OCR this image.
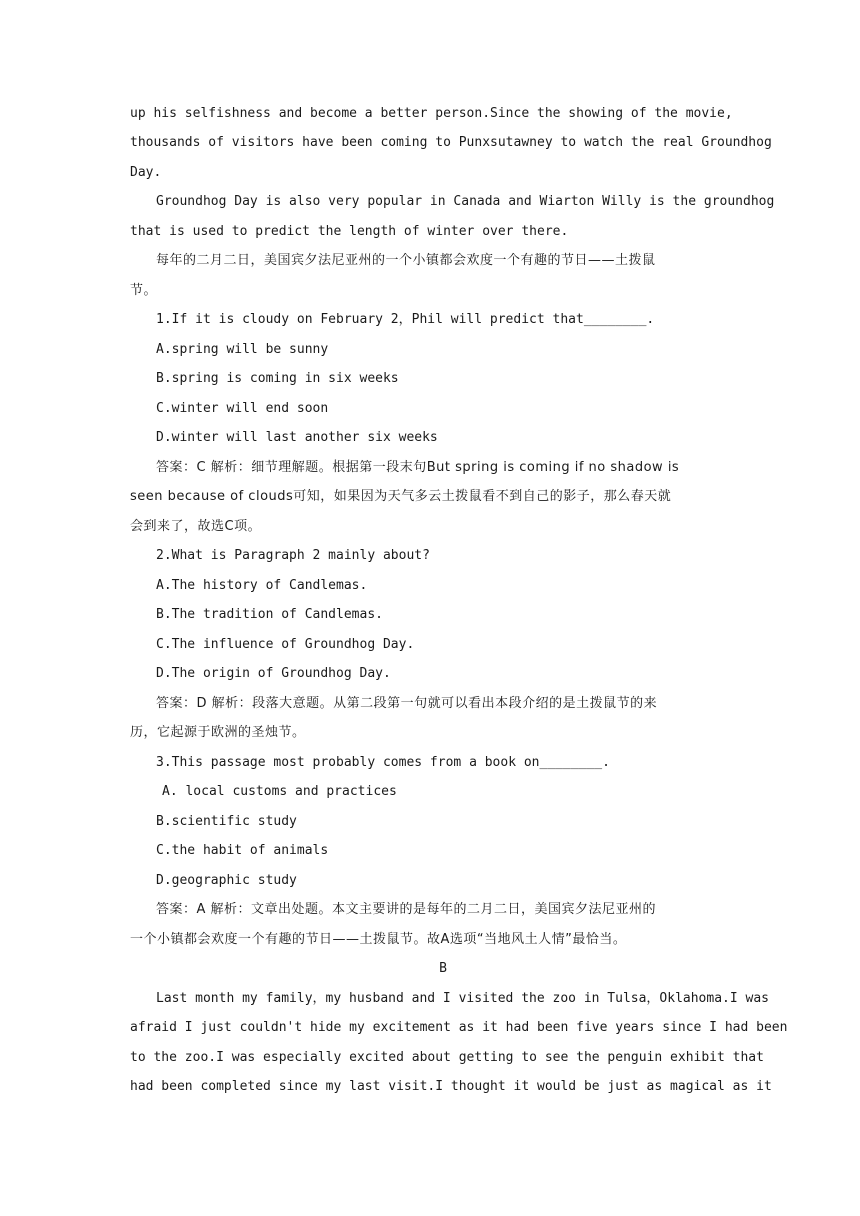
up his selfishness and become a better person.Since the showing of the movie,
thousands of visitors have been coming to Punxsutawney to watch the real Groundhog
Day.
Groundhog Day is also very popular in Canada and Wiarton Willy is the groundhog
that is used to predict the length of winter over there.
每年的二月二日，美国宾夕法尼亚州的一个小镇都会欢度一个有趣的节日——土拨鼠
节。
1.If it is cloudy on February 2，Phil will predict that________.
A.spring will be sunny
B.spring is coming in six weeks
C.winter will end soon
D.winter will last another six weeks
答案：C 解析：细节理解题。根据第一段末句But spring is coming if no shadow is
seen because of clouds可知，如果因为天气多云土拨鼠看不到自己的影子，那么春天就
会到来了，故选C项。
2.What is Paragraph 2 mainly about?
A.The history of Candlemas.
B.The tradition of Candlemas.
C.The influence of Groundhog Day.
D.The origin of Groundhog Day.
答案：D 解析：段落大意题。从第二段第一句就可以看出本段介绍的是土拨鼠节的来
历，它起源于欧洲的圣烛节。
3.This passage most probably comes from a book on________.
A. local customs and practices
B.scientific study
C.the habit of animals
D.geographic study
答案：A 解析：文章出处题。本文主要讲的是每年的二月二日，美国宾夕法尼亚州的
一个小镇都会欢度一个有趣的节日——土拨鼠节。故A选项“当地风土人情”最恰当。
B
Last month my family，my husband and I visited the zoo in Tulsa，Oklahoma.I was
afraid I just couldn't hide my excitement as it had been five years since I had been
to the zoo.I was especially excited about getting to see the penguin exhibit that
had been completed since my last visit.I thought it would be just as magical as it
